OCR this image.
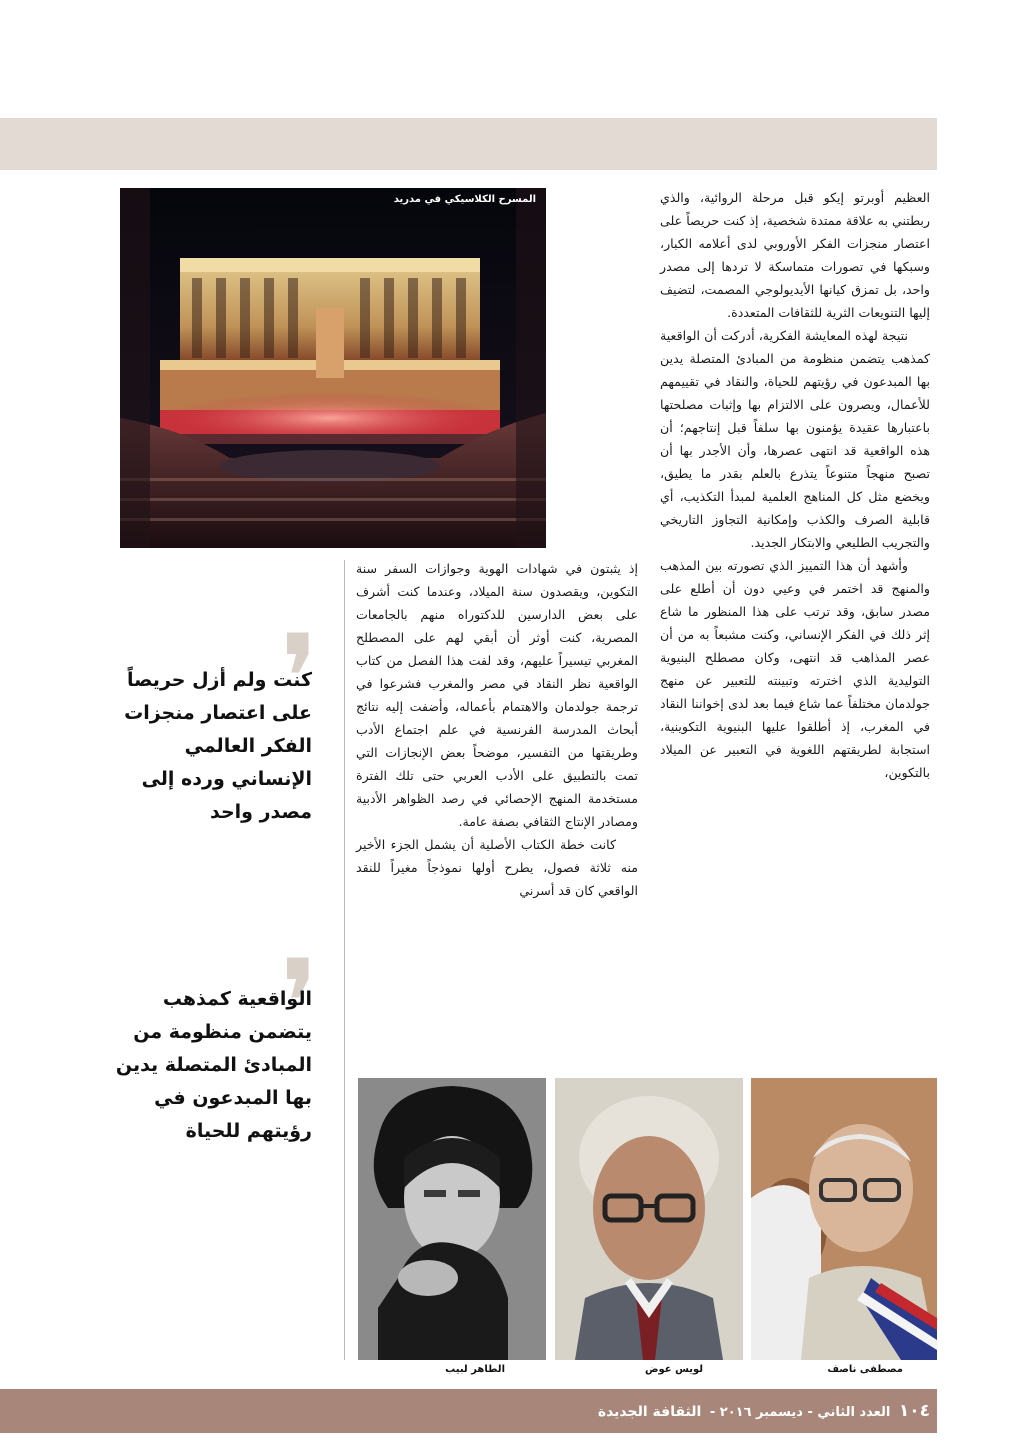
العظيم أوبرتو إيكو قبل مرحلة الروائية، والذي ربطتني به علاقة ممتدة شخصية، إذ كنت حريصاً على اعتصار منجزات الفكر الأوروبي لدى أعلامه الكبار، وسبكها في تصورات متماسكة لا تردها إلى مصدر واحد، بل تمزق كيانها الأيديولوجي المصمت، لتضيف إليها التنويعات الثرية للثقافات المتعددة.

نتيجة لهذه المعايشة الفكرية، أدركت أن الواقعية كمذهب يتضمن منظومة من المبادئ المتصلة يدين بها المبدعون في رؤيتهم للحياة، والنقاد في تقييمهم للأعمال، ويصرون على الالتزام بها وإثبات مصلحتها باعتبارها عقيدة يؤمنون بها سلفاً قبل إنتاجهم؛ أن هذه الواقعية قد انتهى عصرها، وأن الأجدر بها أن تصبح منهجاً متنوعاً يتذرع بالعلم بقدر ما يطيق، ويخضع مثل كل المناهج العلمية لمبدأ التكذيب، أي قابلية الصرف والكذب وإمكانية التجاوز التاريخي والتجريب الطليعي والابتكار الجديد.

وأشهد أن هذا التمييز الذي تصورته بين المذهب والمنهج قد اختمر في وعيي دون أن أطلع على مصدر سابق، وقد ترتب على هذا المنظور ما شاع إثر ذلك في الفكر الإنساني، وكنت مشبعاً به من أن عصر المذاهب قد انتهى، وكان مصطلح البنيوية التوليدية الذي اخترته وتبينته للتعبير عن منهج جولدمان مختلفاً عما شاع فيما بعد لدى إخواننا النقاد في المغرب، إذ أطلقوا عليها البنيوية التكوينية، استجابة لطريقتهم اللغوية في التعبير عن الميلاد بالتكوين،

المسرح الكلاسيكي في مدريد

إذ يثبتون في شهادات الهوية وجوازات السفر سنة التكوين، ويقصدون سنة الميلاد، وعندما كنت أشرف على بعض الدارسين للدكتوراه منهم بالجامعات المصرية، كنت أوثر أن أبقي لهم على المصطلح المغربي تيسيراً عليهم، وقد لفت هذا الفصل من كتاب الواقعية نظر النقاد في مصر والمغرب فشرعوا في ترجمة جولدمان والاهتمام بأعماله، وأضفت إليه نتائج أبحاث المدرسة الفرنسية في علم اجتماع الأدب وطريقتها من التفسير، موضحاً بعض الإنجازات التي تمت بالتطبيق على الأدب العربي حتى تلك الفترة مستخدمة المنهج الإحصائي في رصد الظواهر الأدبية ومصادر الإنتاج الثقافي بصفة عامة.

كانت خطة الكتاب الأصلية أن يشمل الجزء الأخير منه ثلاثة فصول، يطرح أولها نموذجاً مغيراً للنقد الواقعي كان قد أسرني

❜
كنت ولم أزل حريصاً على اعتصار منجزات الفكر العالمي الإنساني ورده إلى مصدر واحد
❜
الواقعية كمذهب يتضمن منظومة من المبادئ المتصلة يدين بها المبدعون في رؤيتهم للحياة
مصطفى ناصف
لويس عوض
الطاهر لبيب
١٠٤ العدد الثاني - ديسمبر ٢٠١٦ - الثقافة الجديدة
